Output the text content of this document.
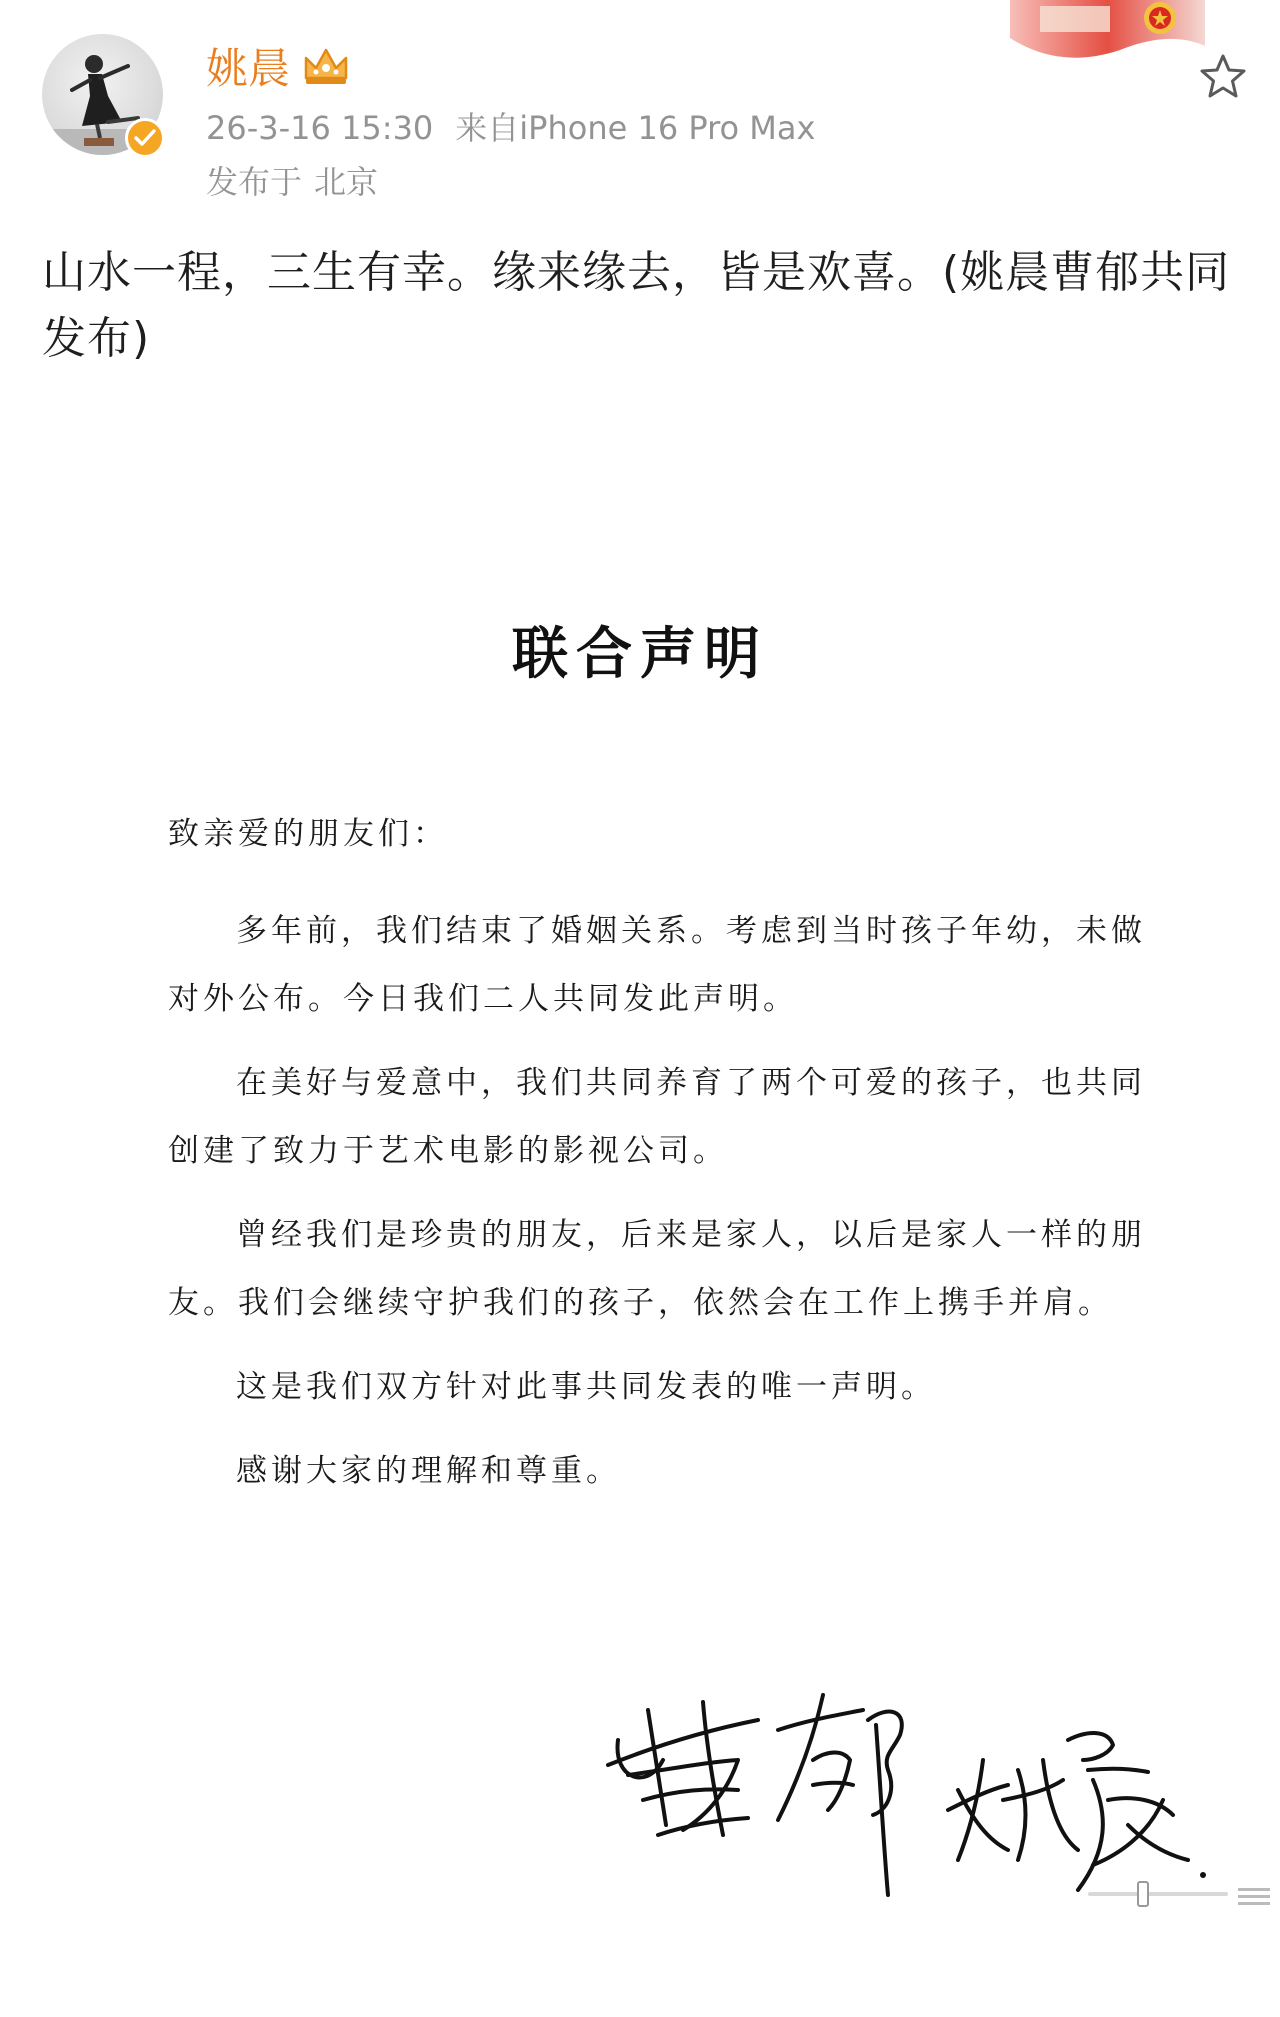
姚晨
26-3-16 15:30 来自iPhone 16 Pro Max
发布于 北京
山水一程，三生有幸。缘来缘去，皆是欢喜。(姚晨曹郁共同发布)
联合声明

致亲爱的朋友们：

多年前，我们结束了婚姻关系。考虑到当时孩子年幼，未做对外公布。今日我们二人共同发此声明。

在美好与爱意中，我们共同养育了两个可爱的孩子，也共同创建了致力于艺术电影的影视公司。

曾经我们是珍贵的朋友，后来是家人，以后是家人一样的朋友。我们会继续守护我们的孩子，依然会在工作上携手并肩。

这是我们双方针对此事共同发表的唯一声明。

感谢大家的理解和尊重。
